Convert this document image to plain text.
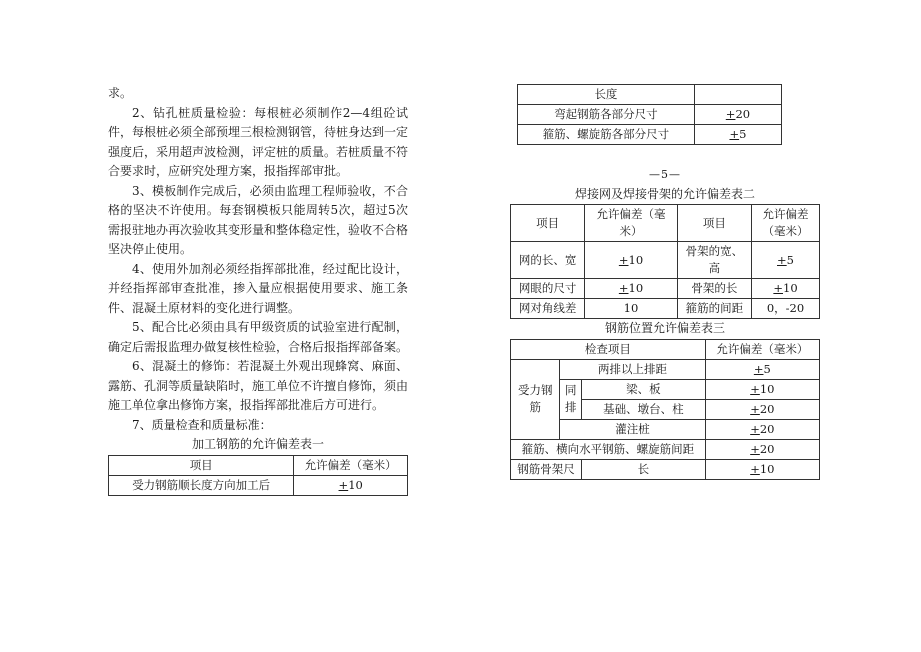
求。

2、钻孔桩质量检验：每根桩必须制作2—4组砼试件，每根桩必须全部预埋三根检测钢管，待桩身达到一定强度后，采用超声波检测，评定桩的质量。若桩质量不符合要求时，应研究处理方案，报指挥部审批。

3、模板制作完成后，必须由监理工程师验收，不合格的坚决不许使用。每套钢模板只能周转5次，超过5次需报驻地办再次验收其变形量和整体稳定性，验收不合格坚决停止使用。

4、使用外加剂必须经指挥部批准，经过配比设计，并经指挥部审查批准，掺入量应根据使用要求、施工条件、混凝土原材料的变化进行调整。

5、配合比必须由具有甲级资质的试验室进行配制，确定后需报监理办做复核性检验，合格后报指挥部备案。

6、混凝土的修饰：若混凝土外观出现蜂窝、麻面、露筋、孔洞等质量缺陷时，施工单位不许擅自修饰，须由施工单位拿出修饰方案，报指挥部批准后方可进行。

7、质量检查和质量标准：

加工钢筋的允许偏差表一

项目	允许偏差（毫米）
受力钢筋顺长度方向加工后	+10
长度	
弯起钢筋各部分尺寸	+20
箍筋、螺旋筋各部分尺寸	+5

—5—

焊接网及焊接骨架的允许偏差表二

项目	允许偏差（毫米）	项目	允许偏差（毫米）
网的长、宽	+10	骨架的宽、高	+5
网眼的尺寸	+10	骨架的长	+10
网对角线差	10	箍筋的间距	0，-20

钢筋位置允许偏差表三

检查项目			允许偏差（毫米）
受力钢筋	两排以上排距		+5
	同排	梁、板	+10
		基础、墩台、柱	+20
	灌注桩		+20
箍筋、横向水平钢筋、螺旋筋间距			+20
钢筋骨架尺		长	+10
